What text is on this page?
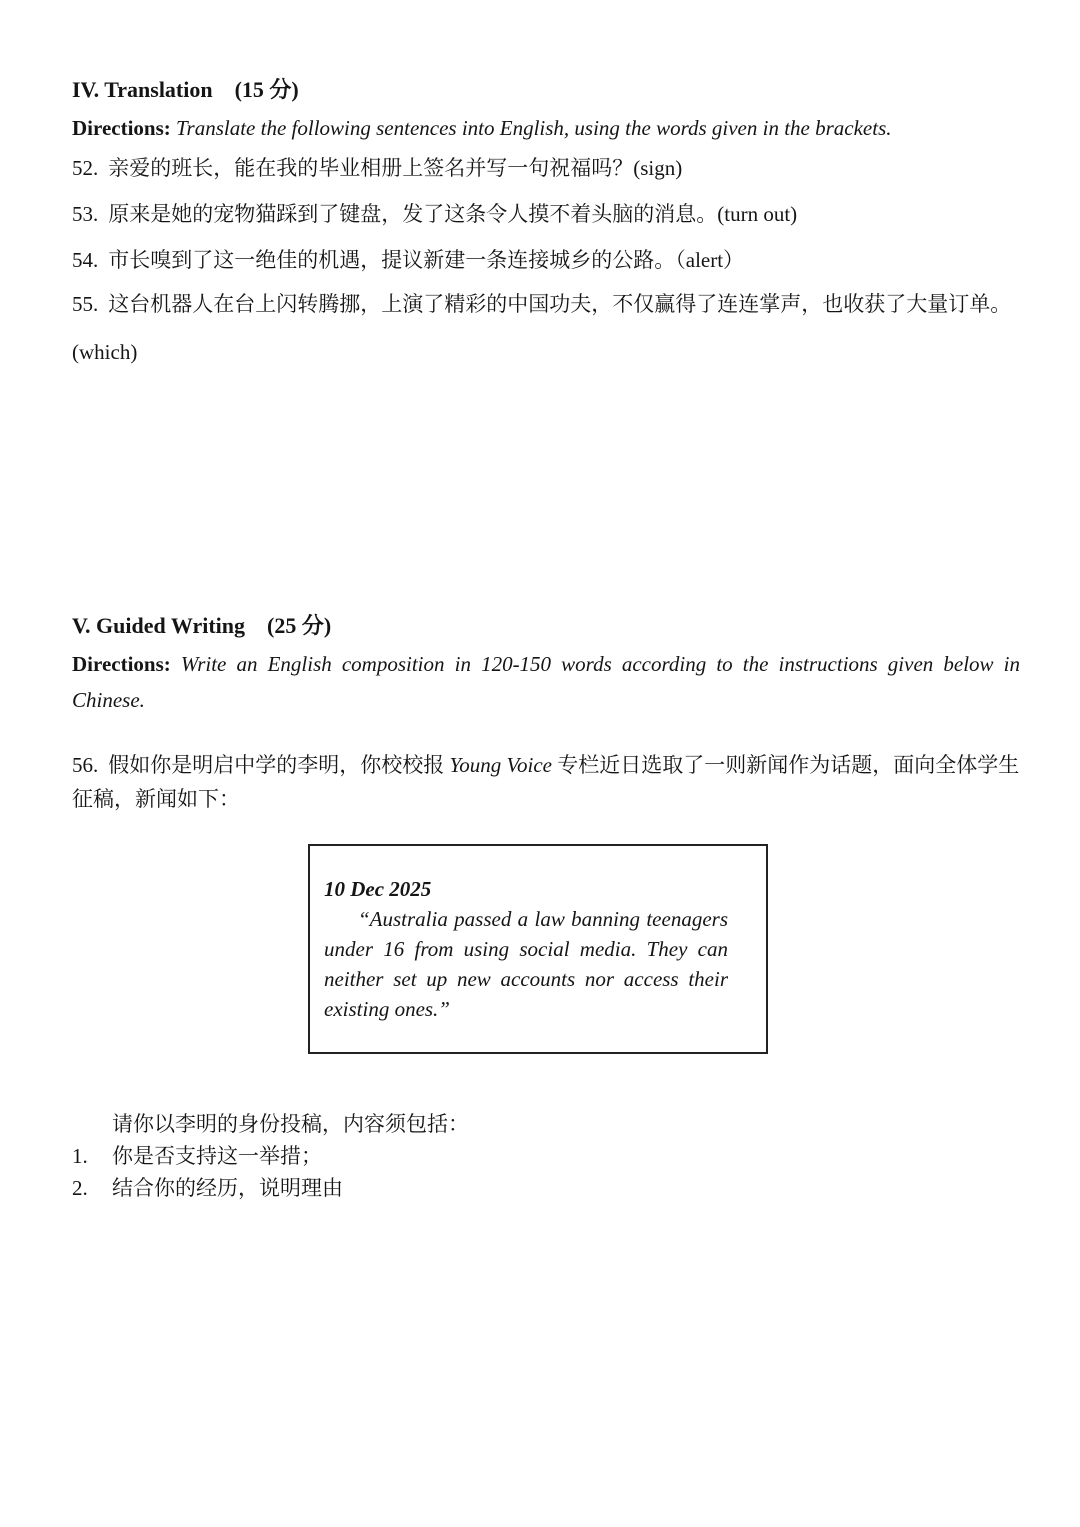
IV. Translation (15 分)

Directions: Translate the following sentences into English, using the words given in the brackets.

52. 亲爱的班长，能在我的毕业相册上签名并写一句祝福吗？(sign)

53. 原来是她的宠物猫踩到了键盘，发了这条令人摸不着头脑的消息。(turn out)

54. 市长嗅到了这一绝佳的机遇，提议新建一条连接城乡的公路。（alert）

55. 这台机器人在台上闪转腾挪，上演了精彩的中国功夫，不仅赢得了连连掌声，也收获了大量订单。(which)

V. Guided Writing (25 分)

Directions: Write an English composition in 120-150 words according to the instructions given below in Chinese.

56. 假如你是明启中学的李明，你校校报 Young Voice 专栏近日选取了一则新闻作为话题，面向全体学生征稿，新闻如下：

10 Dec 2025

“Australia passed a law banning teenagers under 16 from using social media. They can neither set up new accounts nor access their existing ones.”

请你以李明的身份投稿，内容须包括：

1.	你是否支持这一举措；
2.	结合你的经历，说明理由
